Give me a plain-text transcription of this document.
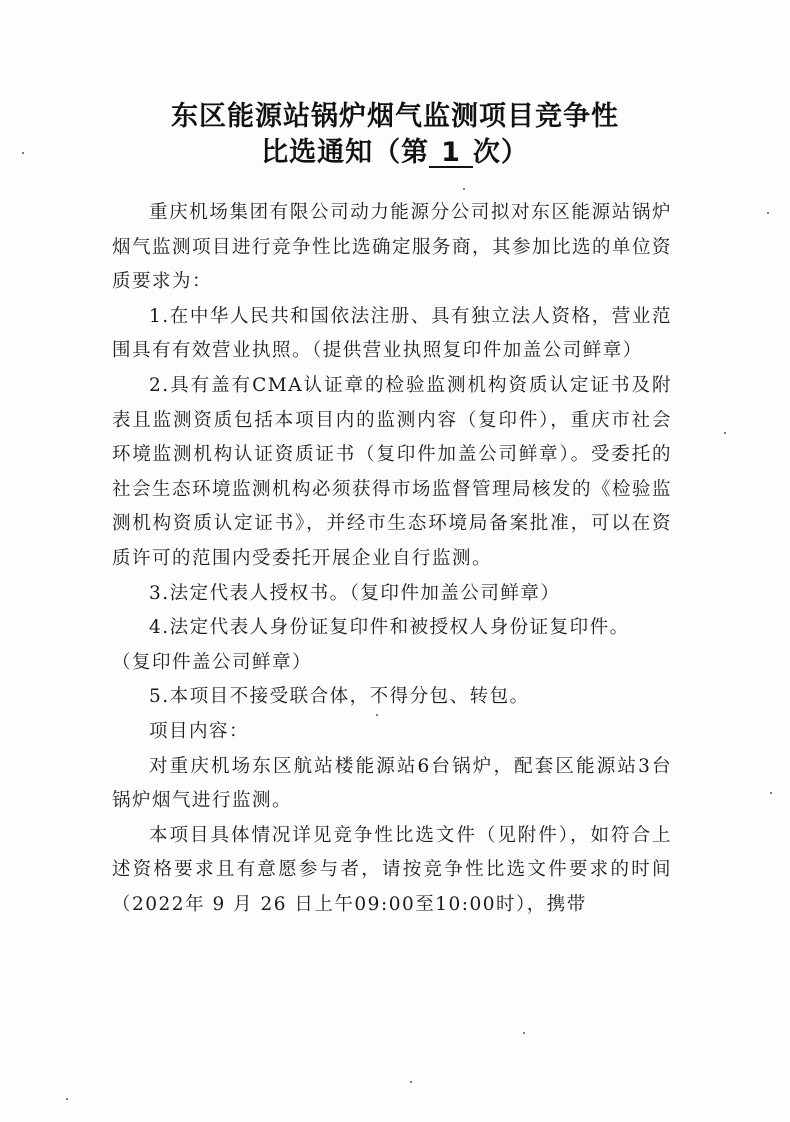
东区能源站锅炉烟气监测项目竞争性
比选通知（第 1 次）

重庆机场集团有限公司动力能源分公司拟对东区能源站锅炉烟气监测项目进行竞争性比选确定服务商，其参加比选的单位资质要求为：

1.在中华人民共和国依法注册、具有独立法人资格，营业范围具有有效营业执照。（提供营业执照复印件加盖公司鲜章）

2.具有盖有CMA认证章的检验监测机构资质认定证书及附表且监测资质包括本项目内的监测内容（复印件），重庆市社会环境监测机构认证资质证书（复印件加盖公司鲜章）。受委托的社会生态环境监测机构必须获得市场监督管理局核发的《检验监测机构资质认定证书》，并经市生态环境局备案批准，可以在资质许可的范围内受委托开展企业自行监测。

3.法定代表人授权书。（复印件加盖公司鲜章）

4.法定代表人身份证复印件和被授权人身份证复印件。

（复印件盖公司鲜章）

5.本项目不接受联合体，不得分包、转包。

项目内容：

对重庆机场东区航站楼能源站6台锅炉，配套区能源站3台锅炉烟气进行监测。

本项目具体情况详见竞争性比选文件（见附件），如符合上述资格要求且有意愿参与者，请按竞争性比选文件要求的时间（2022年 9 月 26 日上午09:00至10:00时），携带
